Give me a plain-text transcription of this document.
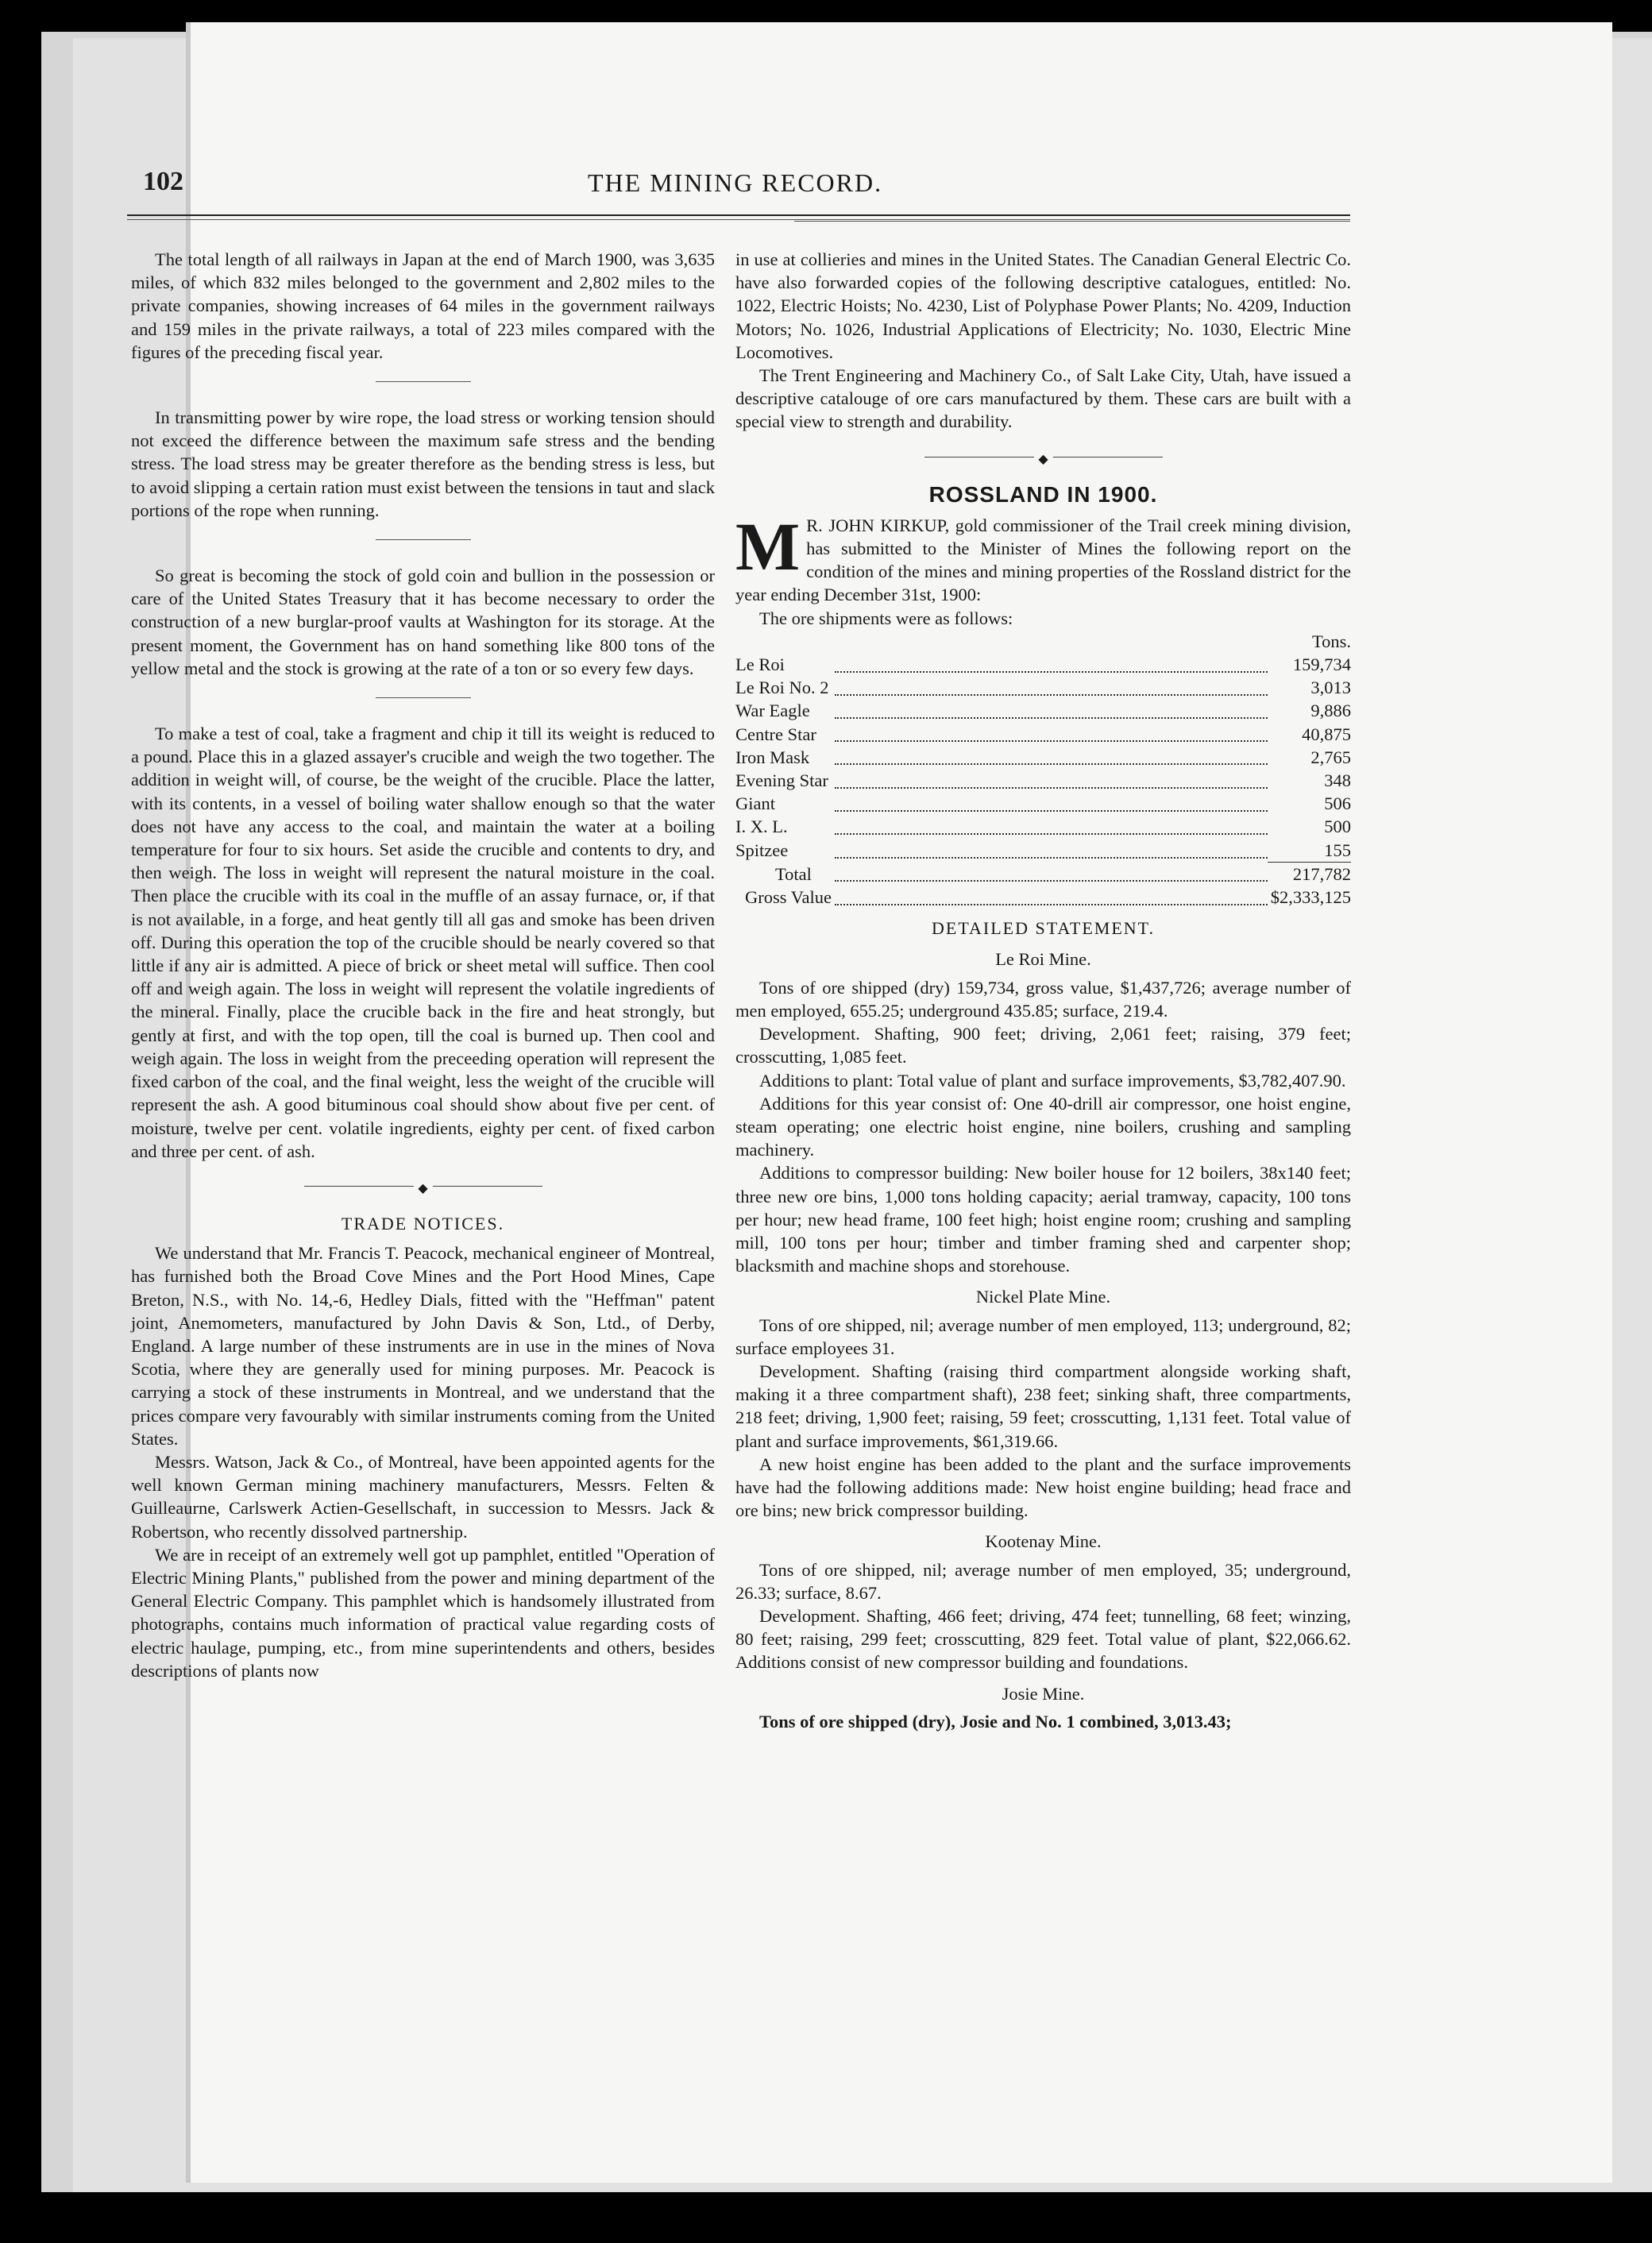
102	THE MINING RECORD.

The total length of all railways in Japan at the end of March 1900, was 3,635 miles, of which 832 miles belonged to the government and 2,802 miles to the private companies, showing increases of 64 miles in the government railways and 159 miles in the private railways, a total of 223 miles compared with the figures of the preceding fiscal year.

In transmitting power by wire rope, the load stress or working tension should not exceed the difference between the maximum safe stress and the bending stress. The load stress may be greater therefore as the bending stress is less, but to avoid slipping a certain ration must exist between the tensions in taut and slack portions of the rope when running.

So great is becoming the stock of gold coin and bullion in the possession or care of the United States Treasury that it has become necessary to order the construction of a new burglar-proof vaults at Washington for its storage. At the present moment, the Government has on hand something like 800 tons of the yellow metal and the stock is growing at the rate of a ton or so every few days.

To make a test of coal, take a fragment and chip it till its weight is reduced to a pound. Place this in a glazed assayer's crucible and weigh the two together. The addition in weight will, of course, be the weight of the crucible. Place the latter, with its contents, in a vessel of boiling water shallow enough so that the water does not have any access to the coal, and maintain the water at a boiling temperature for four to six hours. Set aside the crucible and contents to dry, and then weigh. The loss in weight will represent the natural moisture in the coal. Then place the crucible with its coal in the muffle of an assay furnace, or, if that is not available, in a forge, and heat gently till all gas and smoke has been driven off. During this operation the top of the crucible should be nearly covered so that little if any air is admitted. A piece of brick or sheet metal will suffice. Then cool off and weigh again. The loss in weight will represent the volatile ingredients of the mineral. Finally, place the crucible back in the fire and heat strongly, but gently at first, and with the top open, till the coal is burned up. Then cool and weigh again. The loss in weight from the preceeding operation will represent the fixed carbon of the coal, and the final weight, less the weight of the crucible will represent the ash. A good bituminous coal should show about five per cent. of moisture, twelve per cent. volatile ingredients, eighty per cent. of fixed carbon and three per cent. of ash.

◆
TRADE NOTICES.

We understand that Mr. Francis T. Peacock, mechanical engineer of Montreal, has furnished both the Broad Cove Mines and the Port Hood Mines, Cape Breton, N.S., with No. 14,-6, Hedley Dials, fitted with the "Heffman" patent joint, Anemometers, manufactured by John Davis & Son, Ltd., of Derby, England. A large number of these instruments are in use in the mines of Nova Scotia, where they are generally used for mining purposes. Mr. Peacock is carrying a stock of these instruments in Montreal, and we understand that the prices compare very favourably with similar instruments coming from the United States.

Messrs. Watson, Jack & Co., of Montreal, have been appointed agents for the well known German mining machinery manufacturers, Messrs. Felten & Guilleaurne, Carlswerk Actien-Gesellschaft, in succession to Messrs. Jack & Robertson, who recently dissolved partnership.

We are in receipt of an extremely well got up pamphlet, entitled "Operation of Electric Mining Plants," published from the power and mining department of the General Electric Company. This pamphlet which is handsomely illustrated from photographs, contains much information of practical value regarding costs of electric haulage, pumping, etc., from mine superintendents and others, besides descriptions of plants now

in use at collieries and mines in the United States. The Canadian General Electric Co. have also forwarded copies of the following descriptive catalogues, entitled: No. 1022, Electric Hoists; No. 4230, List of Polyphase Power Plants; No. 4209, Induction Motors; No. 1026, Industrial Applications of Electricity; No. 1030, Electric Mine Locomotives.

The Trent Engineering and Machinery Co., of Salt Lake City, Utah, have issued a descriptive catalouge of ore cars manufactured by them. These cars are built with a special view to strength and durability.

◆
ROSSLAND IN 1900.
M R. JOHN KIRKUP, gold commissioner of the Trail creek mining division, has submitted to the Minister of Mines the following report on the condition of the mines and mining properties of the Rossland district for the year ending December 31st, 1900:

The ore shipments were as follows:

Tons.		
Le Roi		159,734
Le Roi No. 2		3,013
War Eagle		9,886
Centre Star		40,875
Iron Mask		2,765
Evening Star		348
Giant		506
I. X. L.		500
Spitzee		155
Total		217,782
Gross Value		$2,333,125
DETAILED STATEMENT.
Le Roi Mine.

Tons of ore shipped (dry) 159,734, gross value, $1,437,726; average number of men employed, 655.25; underground 435.85; surface, 219.4.

Development. Shafting, 900 feet; driving, 2,061 feet; raising, 379 feet; crosscutting, 1,085 feet.

Additions to plant: Total value of plant and surface improvements, $3,782,407.90.

Additions for this year consist of: One 40-drill air compressor, one hoist engine, steam operating; one electric hoist engine, nine boilers, crushing and sampling machinery.

Additions to compressor building: New boiler house for 12 boilers, 38x140 feet; three new ore bins, 1,000 tons holding capacity; aerial tramway, capacity, 100 tons per hour; new head frame, 100 feet high; hoist engine room; crushing and sampling mill, 100 tons per hour; timber and timber framing shed and carpenter shop; blacksmith and machine shops and storehouse.

Nickel Plate Mine.

Tons of ore shipped, nil; average number of men employed, 113; underground, 82; surface employees 31.

Development. Shafting (raising third compartment alongside working shaft, making it a three compartment shaft), 238 feet; sinking shaft, three compartments, 218 feet; driving, 1,900 feet; raising, 59 feet; crosscutting, 1,131 feet. Total value of plant and surface improvements, $61,319.66.

A new hoist engine has been added to the plant and the surface improvements have had the following additions made: New hoist engine building; head frace and ore bins; new brick compressor building.

Kootenay Mine.

Tons of ore shipped, nil; average number of men employed, 35; underground, 26.33; surface, 8.67.

Development. Shafting, 466 feet; driving, 474 feet; tunnelling, 68 feet; winzing, 80 feet; raising, 299 feet; crosscutting, 829 feet. Total value of plant, $22,066.62. Additions consist of new compressor building and foundations.

Josie Mine.

Tons of ore shipped (dry), Josie and No. 1 combined, 3,013.43;
